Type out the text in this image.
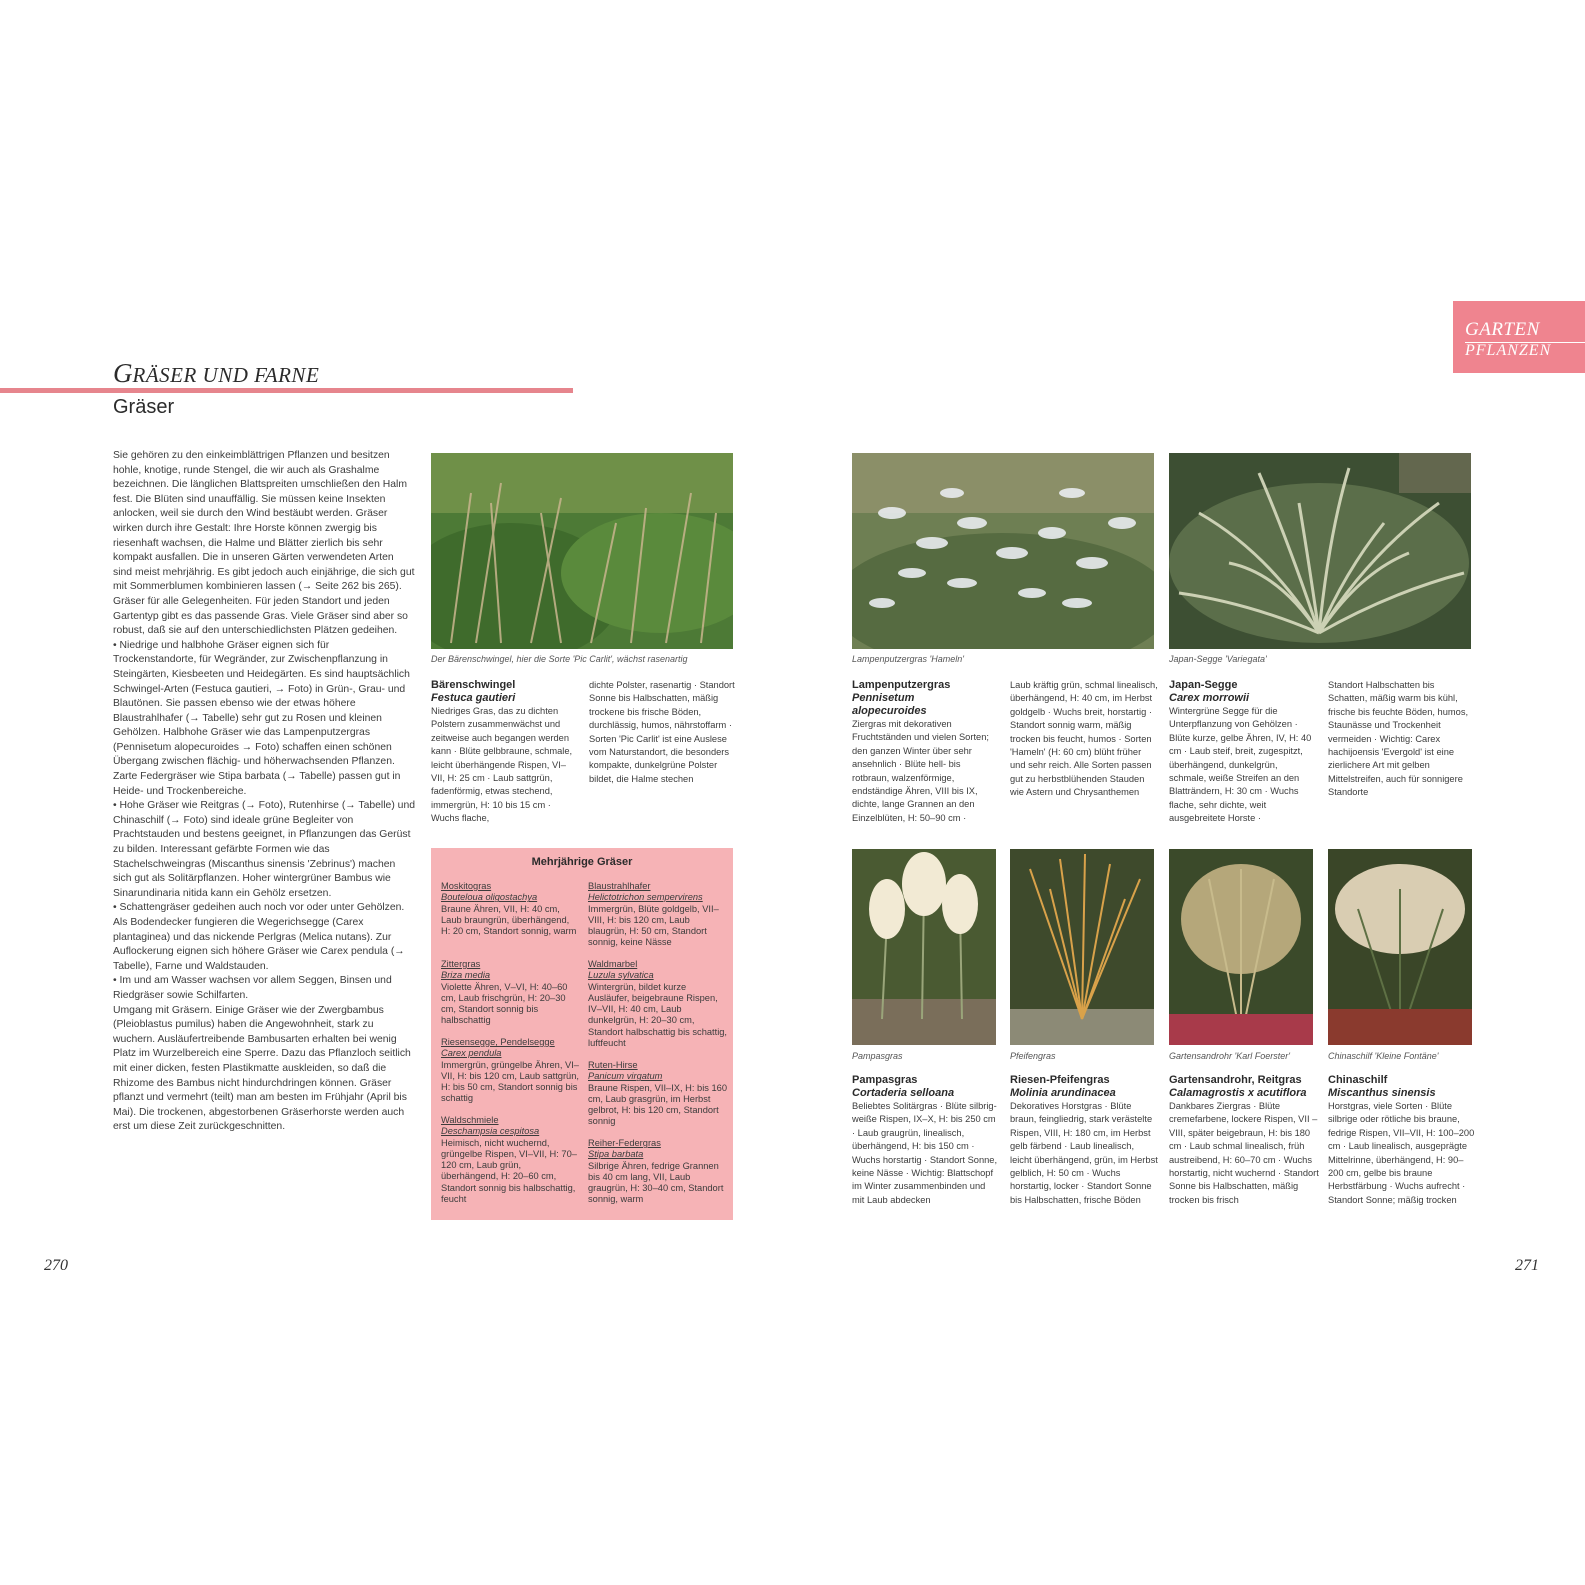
GRÄSER UND FARNE
Gräser
GARTEN
PFLANZEN

Sie gehören zu den einkeimblättrigen Pflanzen und besitzen hohle, knotige, runde Stengel, die wir auch als Grashalme bezeichnen. Die länglichen Blattspreiten umschließen den Halm fest. Die Blüten sind unauffällig. Sie müssen keine Insekten anlocken, weil sie durch den Wind bestäubt werden. Gräser wirken durch ihre Gestalt: Ihre Horste können zwergig bis riesenhaft wachsen, die Halme und Blätter zierlich bis sehr kompakt ausfallen. Die in unseren Gärten verwendeten Arten sind meist mehrjährig. Es gibt jedoch auch einjährige, die sich gut mit Sommerblumen kombinieren lassen (→ Seite 262 bis 265).

Gräser für alle Gelegenheiten. Für jeden Standort und jeden Gartentyp gibt es das passende Gras. Viele Gräser sind aber so robust, daß sie auf den unterschiedlichsten Plätzen gedeihen.

• Niedrige und halbhohe Gräser eignen sich für Trockenstandorte, für Wegränder, zur Zwischenpflanzung in Steingärten, Kiesbeeten und Heidegärten. Es sind hauptsächlich Schwingel-Arten (Festuca gautieri, → Foto) in Grün-, Grau- und Blautönen. Sie passen ebenso wie der etwas höhere Blaustrahlhafer (→ Tabelle) sehr gut zu Rosen und kleinen Gehölzen. Halbhohe Gräser wie das Lampenputzergras (Pennisetum alopecuroides → Foto) schaffen einen schönen Übergang zwischen flächig- und höherwachsenden Pflanzen. Zarte Federgräser wie Stipa barbata (→ Tabelle) passen gut in Heide- und Trockenbereiche.

• Hohe Gräser wie Reitgras (→ Foto), Rutenhirse (→ Tabelle) und Chinaschilf (→ Foto) sind ideale grüne Begleiter von Prachtstauden und bestens geeignet, in Pflanzungen das Gerüst zu bilden. Interessant gefärbte Formen wie das Stachelschweingras (Miscanthus sinensis 'Zebrinus') machen sich gut als Solitärpflanzen. Hoher wintergrüner Bambus wie Sinarundinaria nitida kann ein Gehölz ersetzen.

• Schattengräser gedeihen auch noch vor oder unter Gehölzen. Als Bodendecker fungieren die Wegerichsegge (Carex plantaginea) und das nickende Perlgras (Melica nutans). Zur Auflockerung eignen sich höhere Gräser wie Carex pendula (→ Tabelle), Farne und Waldstauden.

• Im und am Wasser wachsen vor allem Seggen, Binsen und Riedgräser sowie Schilfarten.

Umgang mit Gräsern. Einige Gräser wie der Zwergbambus (Pleioblastus pumilus) haben die Angewohnheit, stark zu wuchern. Ausläufertreibende Bambusarten erhalten bei wenig Platz im Wurzelbereich eine Sperre. Dazu das Pflanzloch seitlich mit einer dicken, festen Plastikmatte auskleiden, so daß die Rhizome des Bambus nicht hindurchdringen können. Gräser pflanzt und vermehrt (teilt) man am besten im Frühjahr (April bis Mai). Die trockenen, abgestorbenen Gräserhorste werden auch erst um diese Zeit zurückgeschnitten.

Der Bärenschwingel, hier die Sorte 'Pic Carlit', wächst rasenartig
Bärenschwingel
Festuca gautieri
Niedriges Gras, das zu dichten Polstern zusammenwächst und zeitweise auch begangen werden kann · Blüte gelbbraune, schmale, leicht überhängende Rispen, VI–VII, H: 25 cm · Laub sattgrün, fadenförmig, etwas stechend, immergrün, H: 10 bis 15 cm · Wuchs flache,
dichte Polster, rasenartig · Standort Sonne bis Halbschatten, mäßig trockene bis frische Böden, durchlässig, humos, nährstoffarm · Sorten 'Pic Carlit' ist eine Auslese vom Naturstandort, die besonders kompakte, dunkelgrüne Polster bildet, die Halme stechen
Mehrjährige Gräser
Moskitogras
Bouteloua oligostachya
Braune Ähren, VII, H: 40 cm, Laub braungrün, überhängend, H: 20 cm, Standort sonnig, warm
Zittergras
Briza media
Violette Ähren, V–VI, H: 40–60 cm, Laub frischgrün, H: 20–30 cm, Standort sonnig bis halbschattig
Riesensegge, Pendelsegge
Carex pendula
Immergrün, grüngelbe Ähren, VI–VII, H: bis 120 cm, Laub sattgrün, H: bis 50 cm, Standort sonnig bis schattig
Waldschmiele
Deschampsia cespitosa
Heimisch, nicht wuchernd, grüngelbe Rispen, VI–VII, H: 70–120 cm, Laub grün, überhängend, H: 20–60 cm, Standort sonnig bis halbschattig, feucht
Blaustrahlhafer
Helictotrichon sempervirens
Immergrün, Blüte goldgelb, VII–VIII, H: bis 120 cm, Laub blaugrün, H: 50 cm, Standort sonnig, keine Nässe
Waldmarbel
Luzula sylvatica
Wintergrün, bildet kurze Ausläufer, beigebraune Rispen, IV–VII, H: 40 cm, Laub dunkelgrün, H: 20–30 cm, Standort halbschattig bis schattig, luftfeucht
Ruten-Hirse
Panicum virgatum
Braune Rispen, VII–IX, H: bis 160 cm, Laub grasgrün, im Herbst gelbrot, H: bis 120 cm, Standort sonnig
Reiher-Federgras
Stipa barbata
Silbrige Ähren, fedrige Grannen bis 40 cm lang, VII, Laub graugrün, H: 30–40 cm, Standort sonnig, warm
Lampenputzergras 'Hameln'
Lampenputzergras
Pennisetum
alopecuroides
Ziergras mit dekorativen Fruchtständen und vielen Sorten; den ganzen Winter über sehr ansehnlich · Blüte hell- bis rotbraun, walzenförmige, endständige Ähren, VIII bis IX, dichte, lange Grannen an den Einzelblüten, H: 50–90 cm ·
Laub kräftig grün, schmal linealisch, überhängend, H: 40 cm, im Herbst goldgelb · Wuchs breit, horstartig · Standort sonnig warm, mäßig trocken bis feucht, humos · Sorten 'Hameln' (H: 60 cm) blüht früher und sehr reich. Alle Sorten passen gut zu herbstblühenden Stauden wie Astern und Chrysanthemen
Japan-Segge 'Variegata'
Japan-Segge
Carex morrowii
Wintergrüne Segge für die Unterpflanzung von Gehölzen · Blüte kurze, gelbe Ähren, IV, H: 40 cm · Laub steif, breit, zugespitzt, überhängend, dunkelgrün, schmale, weiße Streifen an den Blatträndern, H: 30 cm · Wuchs flache, sehr dichte, weit ausgebreitete Horste ·
Standort Halbschatten bis Schatten, mäßig warm bis kühl, frische bis feuchte Böden, humos, Staunässe und Trockenheit vermeiden · Wichtig: Carex hachijoensis 'Evergold' ist eine zierlichere Art mit gelben Mittelstreifen, auch für sonnigere Standorte
Pampasgras	Pfeifengras	Gartensandrohr 'Karl Foerster'	Chinaschilf 'Kleine Fontäne'
Pampasgras
Cortaderia selloana
Beliebtes Solitärgras · Blüte silbrig-weiße Rispen, IX–X, H: bis 250 cm · Laub graugrün, linealisch, überhängend, H: bis 150 cm · Wuchs horstartig · Standort Sonne, keine Nässe · Wichtig: Blattschopf im Winter zusammenbinden und mit Laub abdecken
Riesen-Pfeifengras
Molinia arundinacea
Dekoratives Horstgras · Blüte braun, feingliedrig, stark verästelte Rispen, VIII, H: 180 cm, im Herbst gelb färbend · Laub linealisch, leicht überhängend, grün, im Herbst gelblich, H: 50 cm · Wuchs horstartig, locker · Standort Sonne bis Halbschatten, frische Böden
Gartensandrohr, Reitgras
Calamagrostis x acutiflora
Dankbares Ziergras · Blüte cremefarbene, lockere Rispen, VII – VIII, später beigebraun, H: bis 180 cm · Laub schmal linealisch, früh austreibend, H: 60–70 cm · Wuchs horstartig, nicht wuchernd · Standort Sonne bis Halbschatten, mäßig trocken bis frisch
Chinaschilf
Miscanthus sinensis
Horstgras, viele Sorten · Blüte silbrige oder rötliche bis braune, fedrige Rispen, VII–VII, H: 100–200 cm · Laub linealisch, ausgeprägte Mittelrinne, überhängend, H: 90–200 cm, gelbe bis braune Herbstfärbung · Wuchs aufrecht · Standort Sonne; mäßig trocken
270	271
